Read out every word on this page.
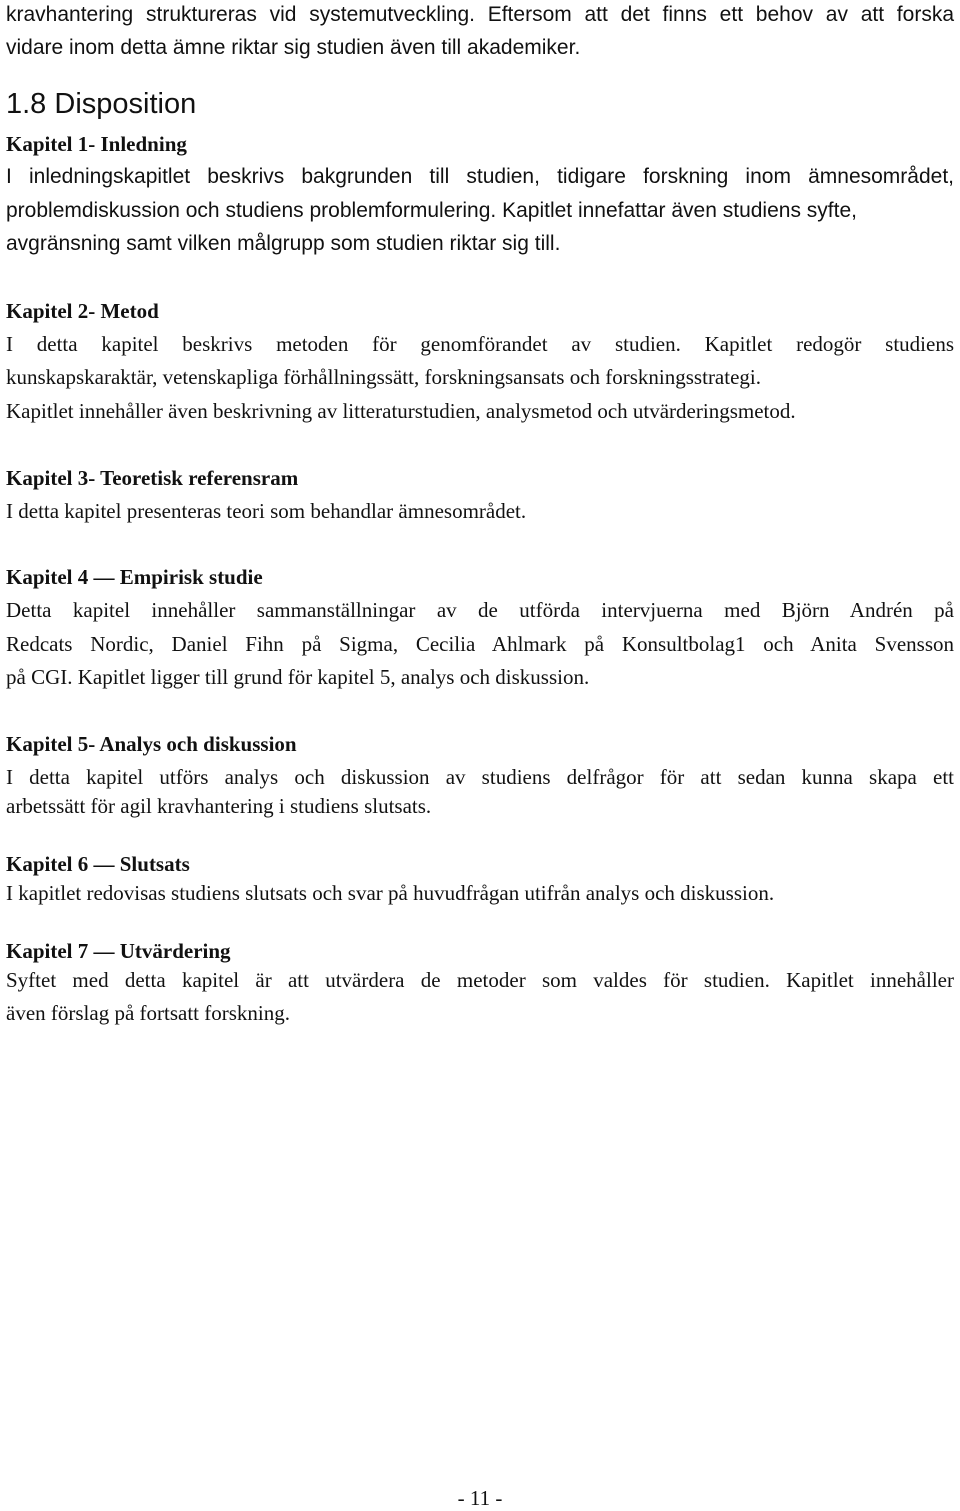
kravhantering struktureras vid systemutveckling. Eftersom att det finns ett behov av att forska
vidare inom detta ämne riktar sig studien även till akademiker.
1.8 Disposition
Kapitel 1- Inledning
I inledningskapitlet beskrivs bakgrunden till studien, tidigare forskning inom ämnesområdet,
problemdiskussion och studiens problemformulering. Kapitlet innefattar även studiens syfte,
avgränsning samt vilken målgrupp som studien riktar sig till.
Kapitel 2- Metod
I detta kapitel beskrivs metoden för genomförandet av studien. Kapitlet redogör studiens
kunskapskaraktär, vetenskapliga förhållningssätt, forskningsansats och forskningsstrategi.
Kapitlet innehåller även beskrivning av litteraturstudien, analysmetod och utvärderingsmetod.
Kapitel 3- Teoretisk referensram
I detta kapitel presenteras teori som behandlar ämnesområdet.
Kapitel 4 — Empirisk studie
Detta kapitel innehåller sammanställningar av de utförda intervjuerna med Björn Andrén på
Redcats Nordic, Daniel Fihn på Sigma, Cecilia Ahlmark på Konsultbolag1 och Anita Svensson
på CGI. Kapitlet ligger till grund för kapitel 5, analys och diskussion.
Kapitel 5- Analys och diskussion
I detta kapitel utförs analys och diskussion av studiens delfrågor för att sedan kunna skapa ett
arbetssätt för agil kravhantering i studiens slutsats.
Kapitel 6 — Slutsats
I kapitlet redovisas studiens slutsats och svar på huvudfrågan utifrån analys och diskussion.
Kapitel 7 — Utvärdering
Syftet med detta kapitel är att utvärdera de metoder som valdes för studien. Kapitlet innehåller
även förslag på fortsatt forskning.
- 11 -
